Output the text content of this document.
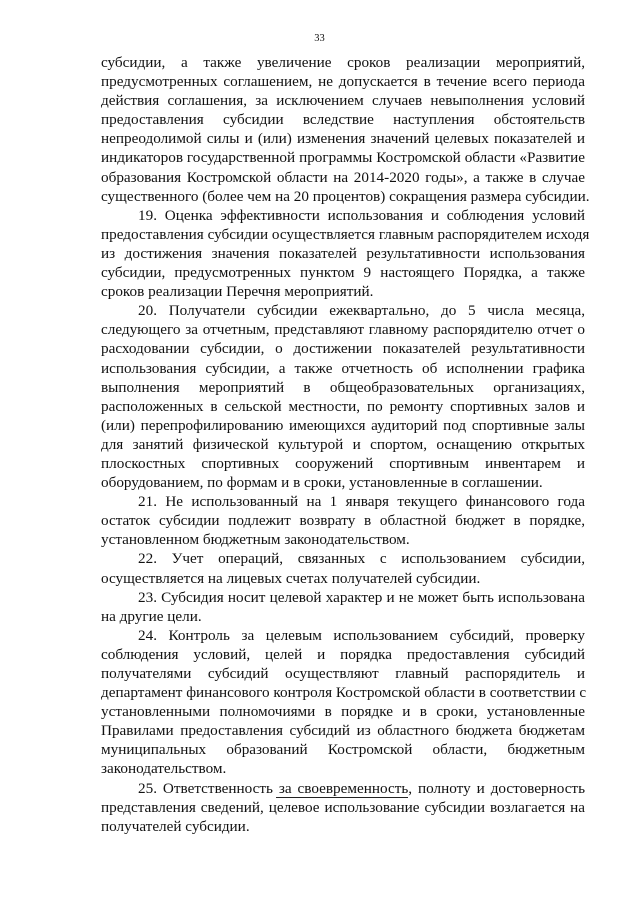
33
субсидии, а также увеличение сроков реализации мероприятий,
предусмотренных соглашением, не допускается в течение всего периода
действия соглашения, за исключением случаев невыполнения условий
предоставления субсидии вследствие наступления обстоятельств
непреодолимой силы и (или) изменения значений целевых показателей и
индикаторов государственной программы Костромской области «Развитие
образования Костромской области на 2014-2020 годы», а также в случае
существенного (более чем на 20 процентов) сокращения размера субсидии.
19. Оценка эффективности использования и соблюдения условий
предоставления субсидии осуществляется главным распорядителем исходя
из достижения значения показателей результативности использования
субсидии, предусмотренных пунктом 9 настоящего Порядка, а также
сроков реализации Перечня мероприятий.
20. Получатели субсидии ежеквартально, до 5 числа месяца,
следующего за отчетным, представляют главному распорядителю отчет о
расходовании субсидии, о достижении показателей результативности
использования субсидии, а также отчетность об исполнении графика
выполнения мероприятий в общеобразовательных организациях,
расположенных в сельской местности, по ремонту спортивных залов и
(или) перепрофилированию имеющихся аудиторий под спортивные залы
для занятий физической культурой и спортом, оснащению открытых
плоскостных спортивных сооружений спортивным инвентарем и
оборудованием, по формам и в сроки, установленные в соглашении.
21. Не использованный на 1 января текущего финансового года
остаток субсидии подлежит возврату в областной бюджет в порядке,
установленном бюджетным законодательством.
22. Учет операций, связанных с использованием субсидии,
осуществляется на лицевых счетах получателей субсидии.
23. Субсидия носит целевой характер и не может быть использована
на другие цели.
24. Контроль за целевым использованием субсидий, проверку
соблюдения условий, целей и порядка предоставления субсидий
получателями субсидий осуществляют главный распорядитель и
департамент финансового контроля Костромской области в соответствии с
установленными полномочиями в порядке и в сроки, установленные
Правилами предоставления субсидий из областного бюджета бюджетам
муниципальных образований Костромской области, бюджетным
законодательством.
25. Ответственность за своевременность, полноту и достоверность
представления сведений, целевое использование субсидии возлагается на
получателей субсидии.
